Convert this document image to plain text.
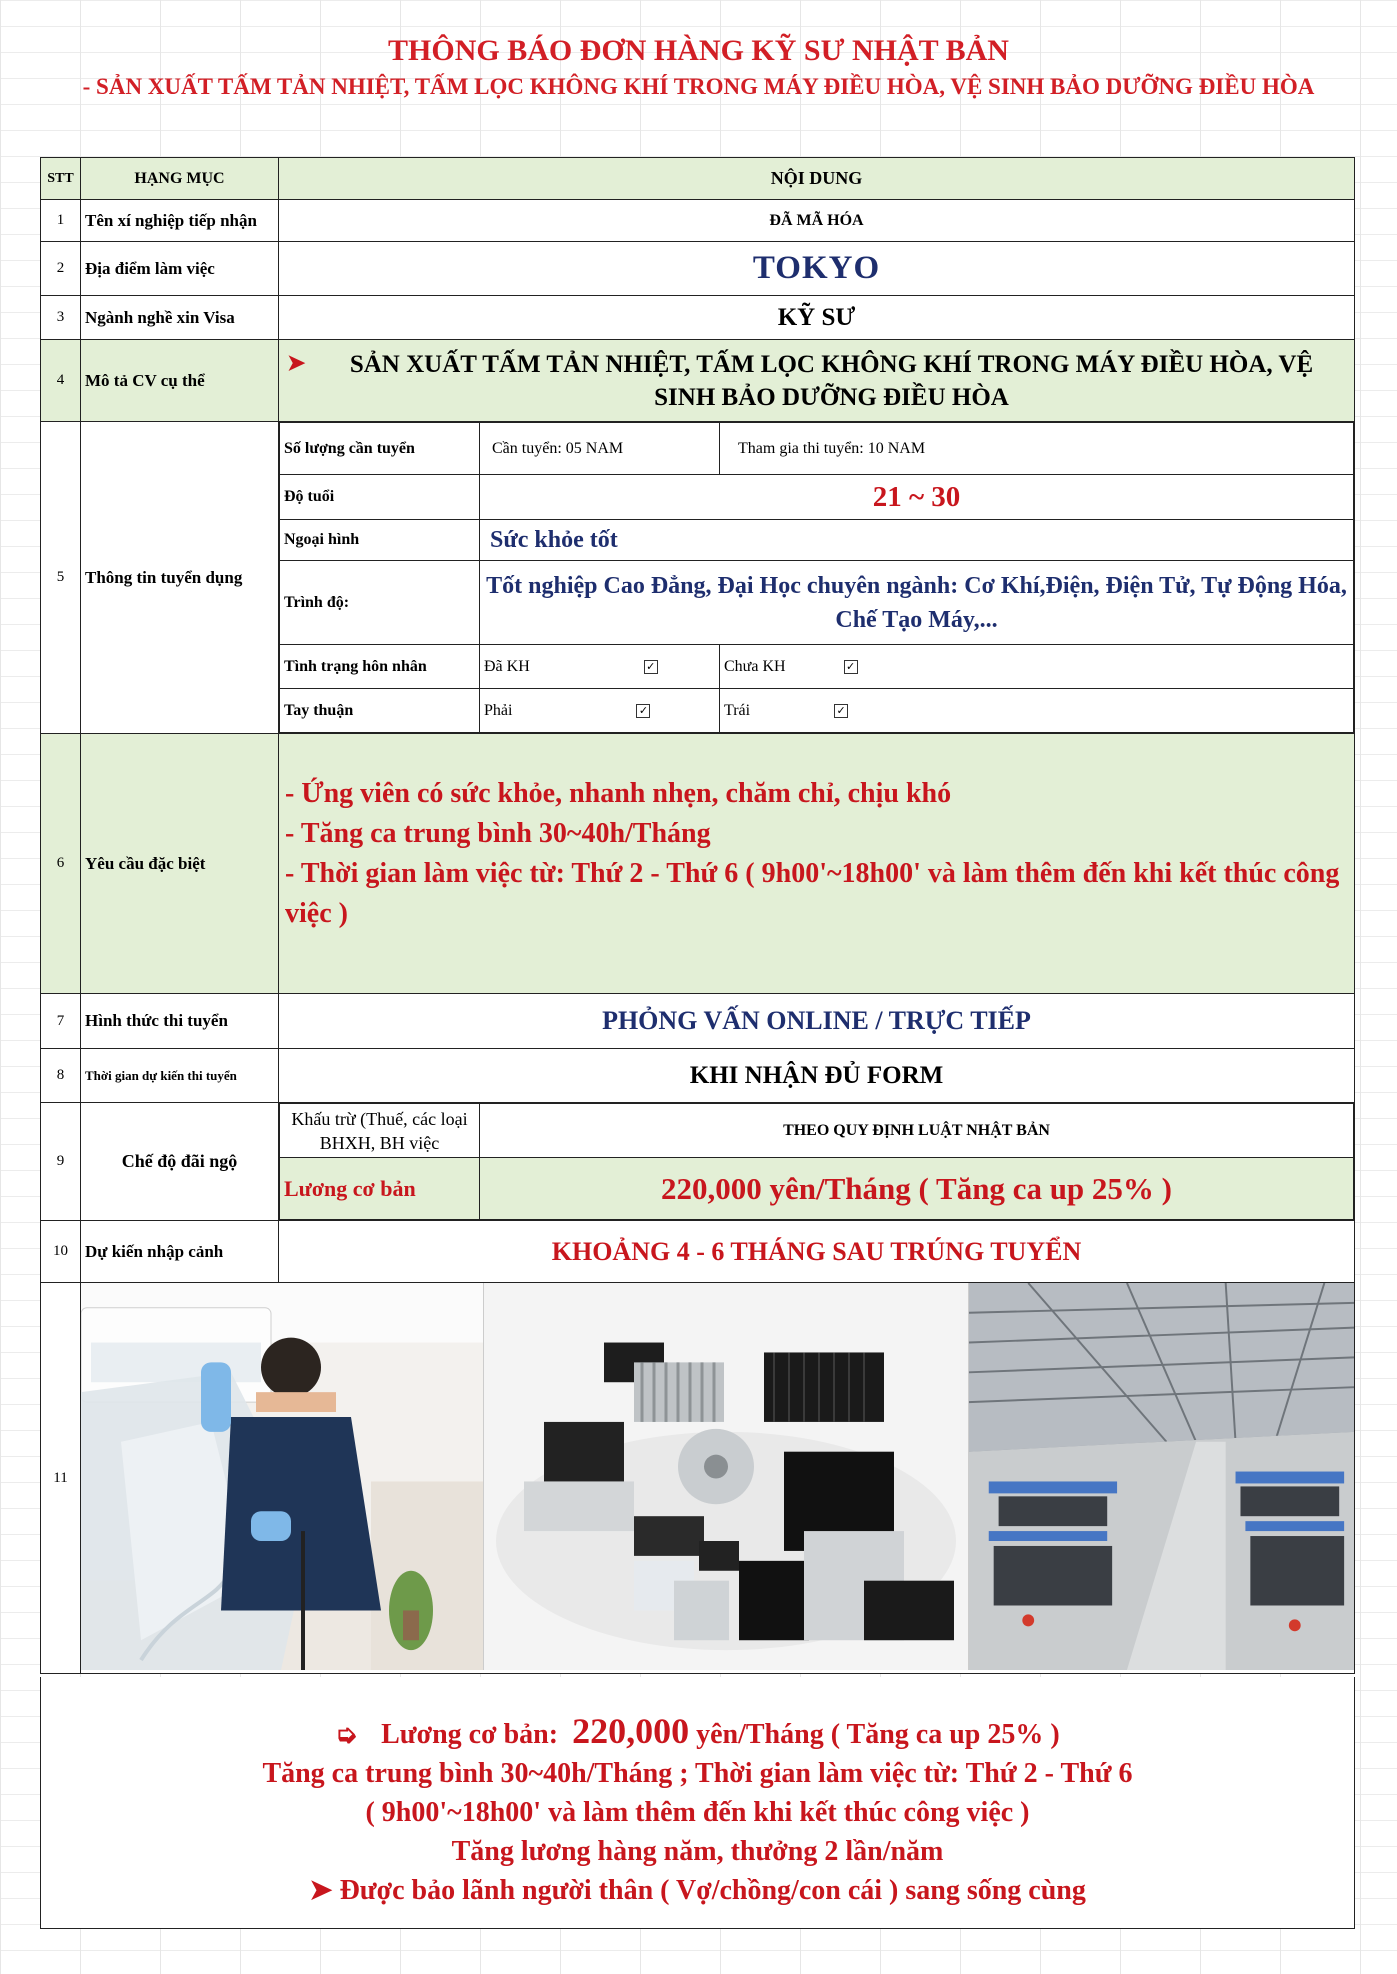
THÔNG BÁO ĐƠN HÀNG KỸ SƯ NHẬT BẢN
- SẢN XUẤT TẤM TẢN NHIỆT, TẤM LỌC KHÔNG KHÍ TRONG MÁY ĐIỀU HÒA, VỆ SINH BẢO DƯỠNG ĐIỀU HÒA
STT	HẠNG MỤC	NỘI DUNG
1	Tên xí nghiệp tiếp nhận	ĐÃ MÃ HÓA
2	Địa điểm làm việc	TOKYO
3	Ngành nghề xin Visa	KỸ SƯ
4	Mô tả CV cụ thể	
➤	SẢN XUẤT TẤM TẢN NHIỆT, TẤM LỌC KHÔNG KHÍ TRONG MÁY ĐIỀU HÒA, VỆ SINH BẢO DƯỠNG ĐIỀU HÒA

5	Thông tin tuyển dụng	
Số lượng cần tuyển	Cần tuyển: 05 NAM	Tham gia thi tuyển: 10 NAM
Độ tuổi	21 ~ 30
Ngoại hình	Sức khỏe tốt
Trình độ:	Tốt nghiệp Cao Đẳng, Đại Học chuyên ngành: Cơ Khí,Điện, Điện Tử, Tự Động Hóa, Chế Tạo Máy,...
Tình trạng hôn nhân	Đã KH	✓	Chưa KH	✓
Tay thuận	Phải	✓	Trái	✓

6	Yêu cầu đặc biệt	
- Ứng viên có sức khỏe, nhanh nhẹn, chăm chỉ, chịu khó
- Tăng ca trung bình 30~40h/Tháng
- Thời gian làm việc từ: Thứ 2 - Thứ 6 ( 9h00'~18h00' và làm thêm đến khi kết thúc công việc )

7	Hình thức thi tuyển	PHỎNG VẤN ONLINE / TRỰC TIẾP
8	Thời gian dự kiến thi tuyển	KHI NHẬN ĐỦ FORM
9	Chế độ đãi ngộ	
Khấu trừ (Thuế, các loại BHXH, BH việc	THEO QUY ĐỊNH LUẬT NHẬT BẢN
Lương cơ bản	220,000 yên/Tháng ( Tăng ca up 25% )

10	Dự kiến nhập cảnh	KHOẢNG 4 - 6 THÁNG SAU TRÚNG TUYỂN
11	
➭ Lương cơ bản: 220,000 yên/Tháng ( Tăng ca up 25% )
Tăng ca trung bình 30~40h/Tháng ; Thời gian làm việc từ: Thứ 2 - Thứ 6
( 9h00'~18h00' và làm thêm đến khi kết thúc công việc )
Tăng lương hàng năm, thưởng 2 lần/năm
➤ Được bảo lãnh người thân ( Vợ/chồng/con cái ) sang sống cùng
